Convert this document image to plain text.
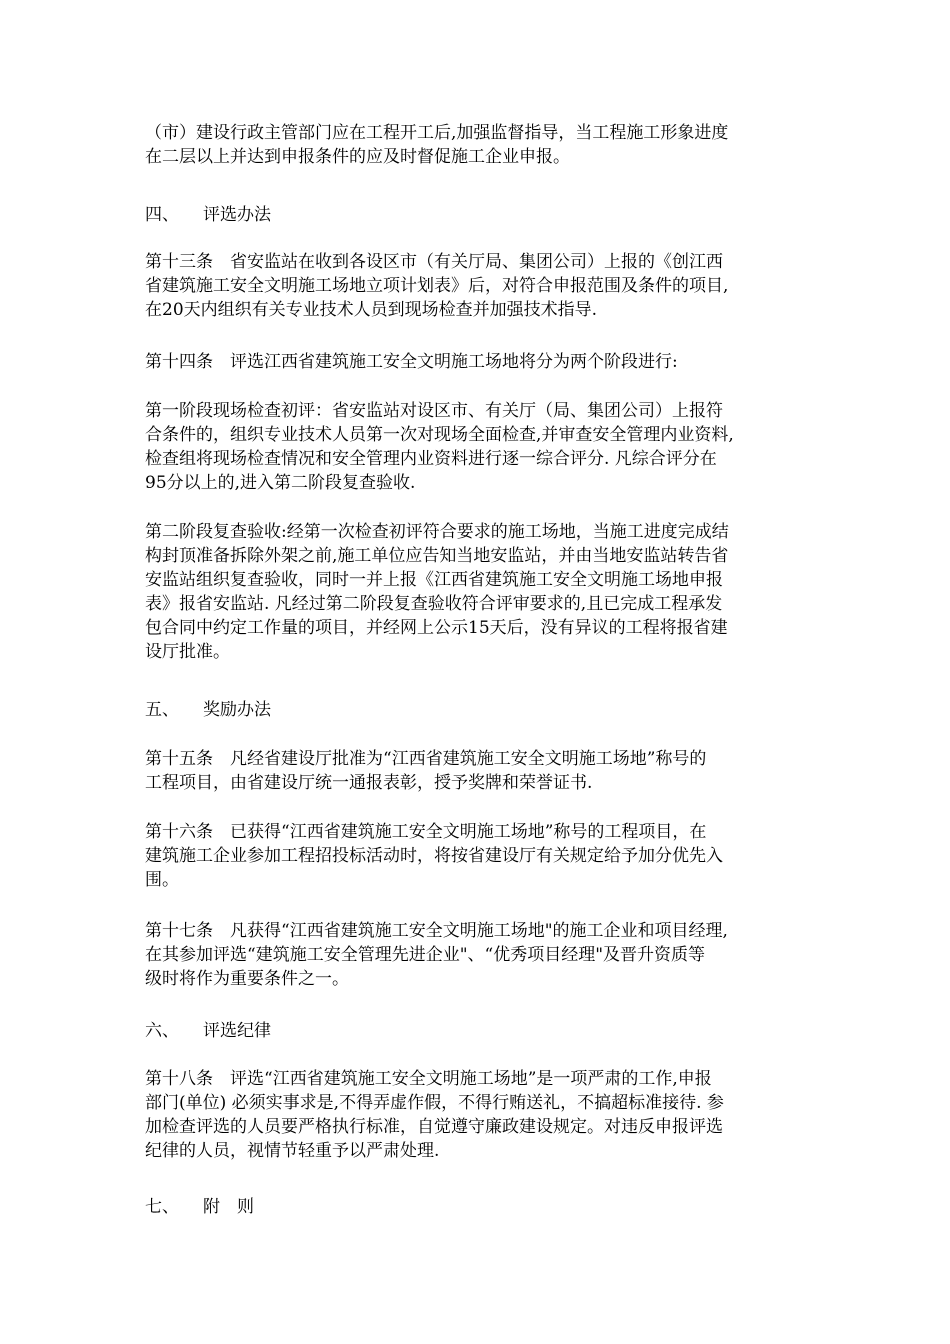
（市）建设行政主管部门应在工程开工后,加强监督指导，当工程施工形象进度
在二层以上并达到申报条件的应及时督促施工企业申报。
四、 评选办法
第十三条　省安监站在收到各设区市（有关厅局、集团公司）上报的《创江西
省建筑施工安全文明施工场地立项计划表》后，对符合申报范围及条件的项目,
在20天内组织有关专业技术人员到现场检查并加强技术指导.
第十四条　评选江西省建筑施工安全文明施工场地将分为两个阶段进行:
第一阶段现场检查初评：省安监站对设区市、有关厅（局、集团公司）上报符
合条件的，组织专业技术人员第一次对现场全面检查,并审查安全管理内业资料,
检查组将现场检查情况和安全管理内业资料进行逐一综合评分. 凡综合评分在
95分以上的,进入第二阶段复查验收.
第二阶段复查验收:经第一次检查初评符合要求的施工场地，当施工进度完成结
构封顶准备拆除外架之前,施工单位应告知当地安监站，并由当地安监站转告省
安监站组织复查验收，同时一并上报《江西省建筑施工安全文明施工场地申报
表》报省安监站. 凡经过第二阶段复查验收符合评审要求的,且已完成工程承发
包合同中约定工作量的项目，并经网上公示15天后，没有异议的工程将报省建
设厅批准。
五、 奖励办法
第十五条　凡经省建设厅批准为“江西省建筑施工安全文明施工场地”称号的
工程项目，由省建设厅统一通报表彰，授予奖牌和荣誉证书.
第十六条　已获得“江西省建筑施工安全文明施工场地”称号的工程项目，在
建筑施工企业参加工程招投标活动时，将按省建设厅有关规定给予加分优先入
围。
第十七条　凡获得“江西省建筑施工安全文明施工场地"的施工企业和项目经理,
在其参加评选“建筑施工安全管理先进企业"、“优秀项目经理"及晋升资质等
级时将作为重要条件之一。
六、 评选纪律
第十八条　评选“江西省建筑施工安全文明施工场地”是一项严肃的工作,申报
部门(单位) 必须实事求是,不得弄虚作假，不得行贿送礼，不搞超标准接待. 参
加检查评选的人员要严格执行标准，自觉遵守廉政建设规定。对违反申报评选
纪律的人员，视情节轻重予以严肃处理.
七、 附　则
